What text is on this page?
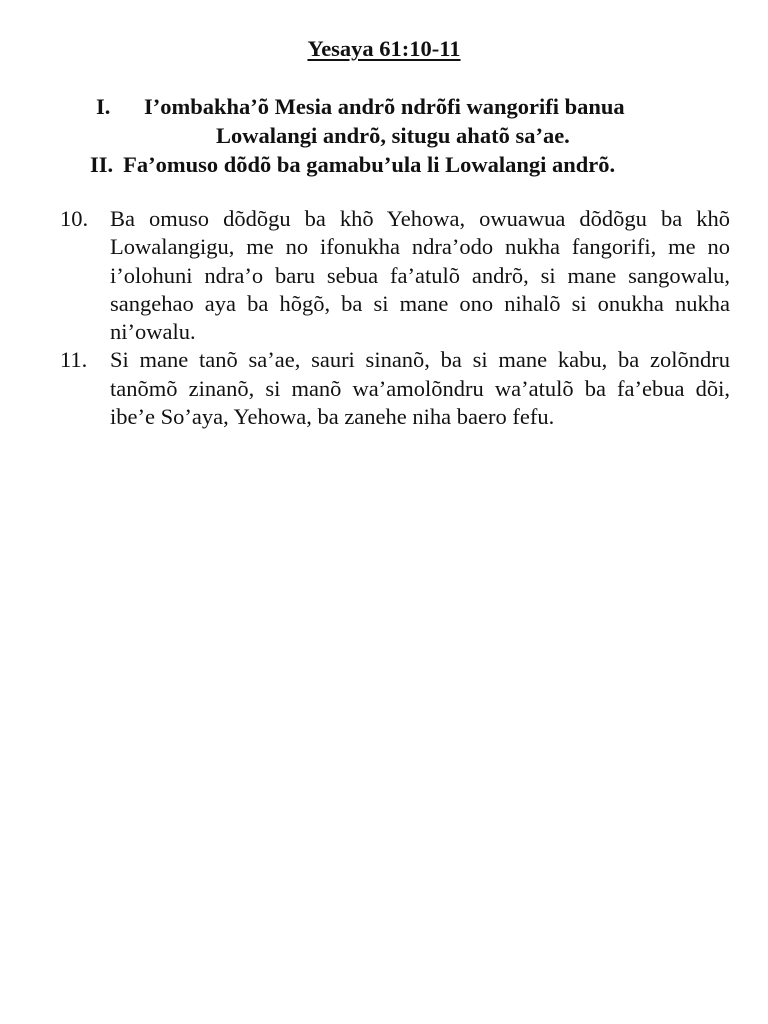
Yesaya 61:10-11
I.	I’ombakha’õ Mesia andrõ ndrõfi wangorifi banua
Lowalangi andrõ, situgu ahatõ sa’ae.
II. Fa’omuso dõdõ ba gamabu’ula li Lowalangi andrõ.
10. Ba omuso dõdõgu ba khõ Yehowa, owuawua dõdõgu ba khõ Lowalangigu, me no ifonukha ndra’odo nukha fangorifi, me no i’olohuni ndra’o baru sebua fa’atulõ andrõ, si mane sangowalu, sangehao aya ba hõgõ, ba si mane ono nihalõ si onukha nukha ni’owalu.
11. Si mane tanõ sa’ae, sauri sinanõ, ba si mane kabu, ba zolõndru tanõmõ zinanõ, si manõ wa’amolõndru wa’atulõ ba fa’ebua dõi, ibe’e So’aya, Yehowa, ba zanehe niha baero fefu.
